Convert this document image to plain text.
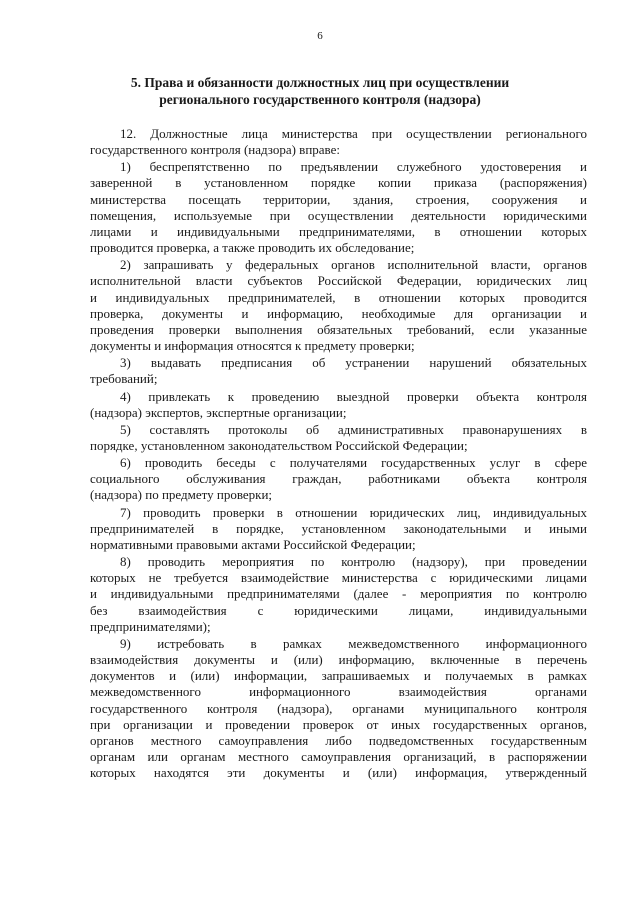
6
5. Права и обязанности должностных лиц при осуществлении
регионального государственного контроля (надзора)
12. Должностные лица министерства при осуществлении регионального
государственного контроля (надзора) вправе:
1) беспрепятственно по предъявлении служебного удостоверения и
заверенной в установленном порядке копии приказа (распоряжения)
министерства посещать территории, здания, строения, сооружения и
помещения, используемые при осуществлении деятельности юридическими
лицами и индивидуальными предпринимателями, в отношении которых
проводится проверка, а также проводить их обследование;
2) запрашивать у федеральных органов исполнительной власти, органов
исполнительной власти субъектов Российской Федерации, юридических лиц
и индивидуальных предпринимателей, в отношении которых проводится
проверка, документы и информацию, необходимые для организации и
проведения проверки выполнения обязательных требований, если указанные
документы и информация относятся к предмету проверки;
3) выдавать предписания об устранении нарушений обязательных
требований;
4) привлекать к проведению выездной проверки объекта контроля
(надзора) экспертов, экспертные организации;
5) составлять протоколы об административных правонарушениях в
порядке, установленном законодательством Российской Федерации;
6) проводить беседы с получателями государственных услуг в сфере
социального обслуживания граждан, работниками объекта контроля
(надзора) по предмету проверки;
7) проводить проверки в отношении юридических лиц, индивидуальных
предпринимателей в порядке, установленном законодательными и иными
нормативными правовыми актами Российской Федерации;
8) проводить мероприятия по контролю (надзору), при проведении
которых не требуется взаимодействие министерства с юридическими лицами
и индивидуальными предпринимателями (далее - мероприятия по контролю
без взаимодействия с юридическими лицами, индивидуальными
предпринимателями);
9) истребовать в рамках межведомственного информационного
взаимодействия документы и (или) информацию, включенные в перечень
документов и (или) информации, запрашиваемых и получаемых в рамках
межведомственного информационного взаимодействия органами
государственного контроля (надзора), органами муниципального контроля
при организации и проведении проверок от иных государственных органов,
органов местного самоуправления либо подведомственных государственным
органам или органам местного самоуправления организаций, в распоряжении
которых находятся эти документы и (или) информация, утвержденный
